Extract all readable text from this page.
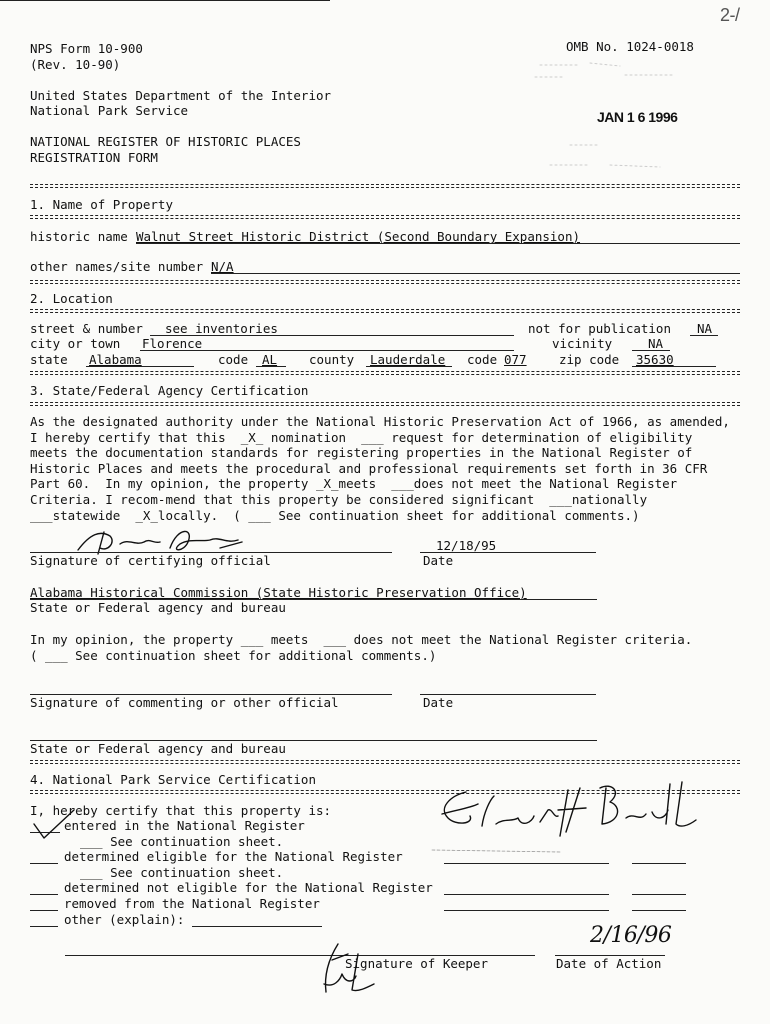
NPS Form 10-900
(Rev. 10-90)
OMB No. 1024-0018
2-/
United States Department of the Interior
National Park Service	JAN 1 6 1996
NATIONAL REGISTER OF HISTORIC PLACES
REGISTRATION FORM
1. Name of Property
historic name Walnut Street Historic District (Second Boundary Expansion)
other names/site number N/A
2. Location
street & number see inventories	not for publication NA
city or town Florence	vicinity	NA
state Alabama	code AL	county Lauderdale code 077	zip code 35630
3. State/Federal Agency Certification
As the designated authority under the National Historic Preservation Act of 1966, as amended,
I hereby certify that this  _X_ nomination  ___ request for determination of eligibility
meets the documentation standards for registering properties in the National Register of
Historic Places and meets the procedural and professional requirements set forth in 36 CFR
Part 60.  In my opinion, the property _X_meets  ___does not meet the National Register
Criteria. I recom-mend that this property be considered significant  ___nationally
___statewide  _X_locally.  ( ___ See continuation sheet for additional comments.)
12/18/95
Signature of certifying official	Date
Alabama Historical Commission (State Historic Preservation Office)
State or Federal agency and bureau
In my opinion, the property ___ meets  ___ does not meet the National Register criteria.
( ___ See continuation sheet for additional comments.)
Signature of commenting or other official	Date
State or Federal agency and bureau
4. National Park Service Certification
I, hereby certify that this property is:
entered in the National Register
___ See continuation sheet.
determined eligible for the National Register
___ See continuation sheet.
determined not eligible for the National Register
removed from the National Register
other (explain):
Signature of Keeper	Date of Action
2/16/96
